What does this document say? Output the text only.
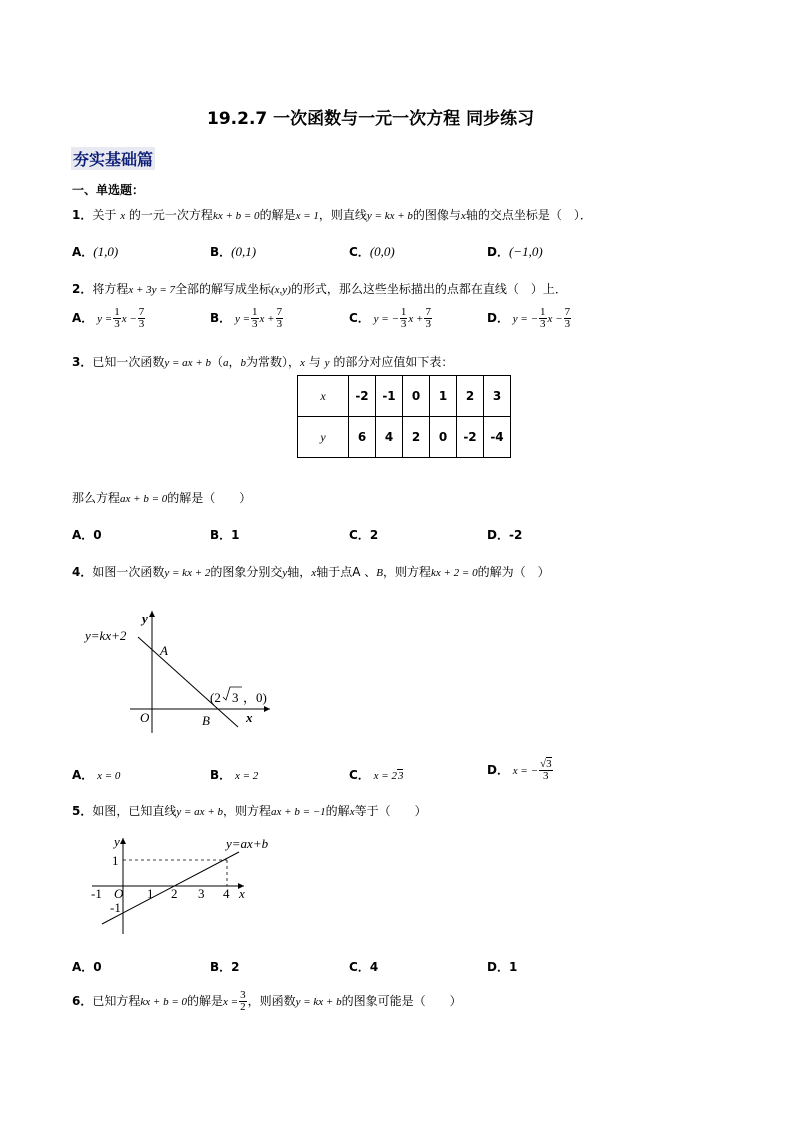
19.2.7 一次函数与一元一次方程 同步练习
夯实基础篇
一、单选题：
1．关于 x 的一元一次方程kx + b = 0的解是x = 1，则直线y = kx + b的图像与x轴的交点坐标是（　）．
A．(1,0)	B．(0,1)	C．(0,0)	D．(−1,0)
2．将方程x + 3y = 7全部的解写成坐标(x,y)的形式，那么这些坐标描出的点都在直线（　）上．
A． $y = \frac{1}{3}$ $x - \frac{7}{3}$	B． $y = \frac{1}{3}$ $x + \frac{7}{3}$	C． y = − $\frac{1}{3}$ $x + \frac{7}{3}$	D． y = − $\frac{1}{3}$ $x - \frac{7}{3}$
3．已知一次函数y = ax + b（a，b为常数），x 与 y 的部分对应值如下表：
x	-2	-1	0	1	2	3
y	6	4	2	0	-2	-4
那么方程ax + b = 0的解是（　　）
A．0	B．1	C．2	D．-2
4．如图一次函数y = kx + 2的图象分别交y轴，x轴于点A 、B，则方程kx + 2 = 0的解为（　）
y=kx+2
y
A
O	B	x
(2 3 ，0)
A． x = 0	B． x = 2	C． x = 23	D． x = − $\frac{√3}{3}$
5．如图，已知直线y = ax + b，则方程ax + b = −1的解x等于（　　）
y	y=ax+b
1
-1
-1 O 1 2 3 4 x
A．0	B．2	C．4	D．1
6．已知方程kx + b = 0的解是$x = \frac{3}{2}$ ，则函数y = kx + b的图象可能是（　　）
